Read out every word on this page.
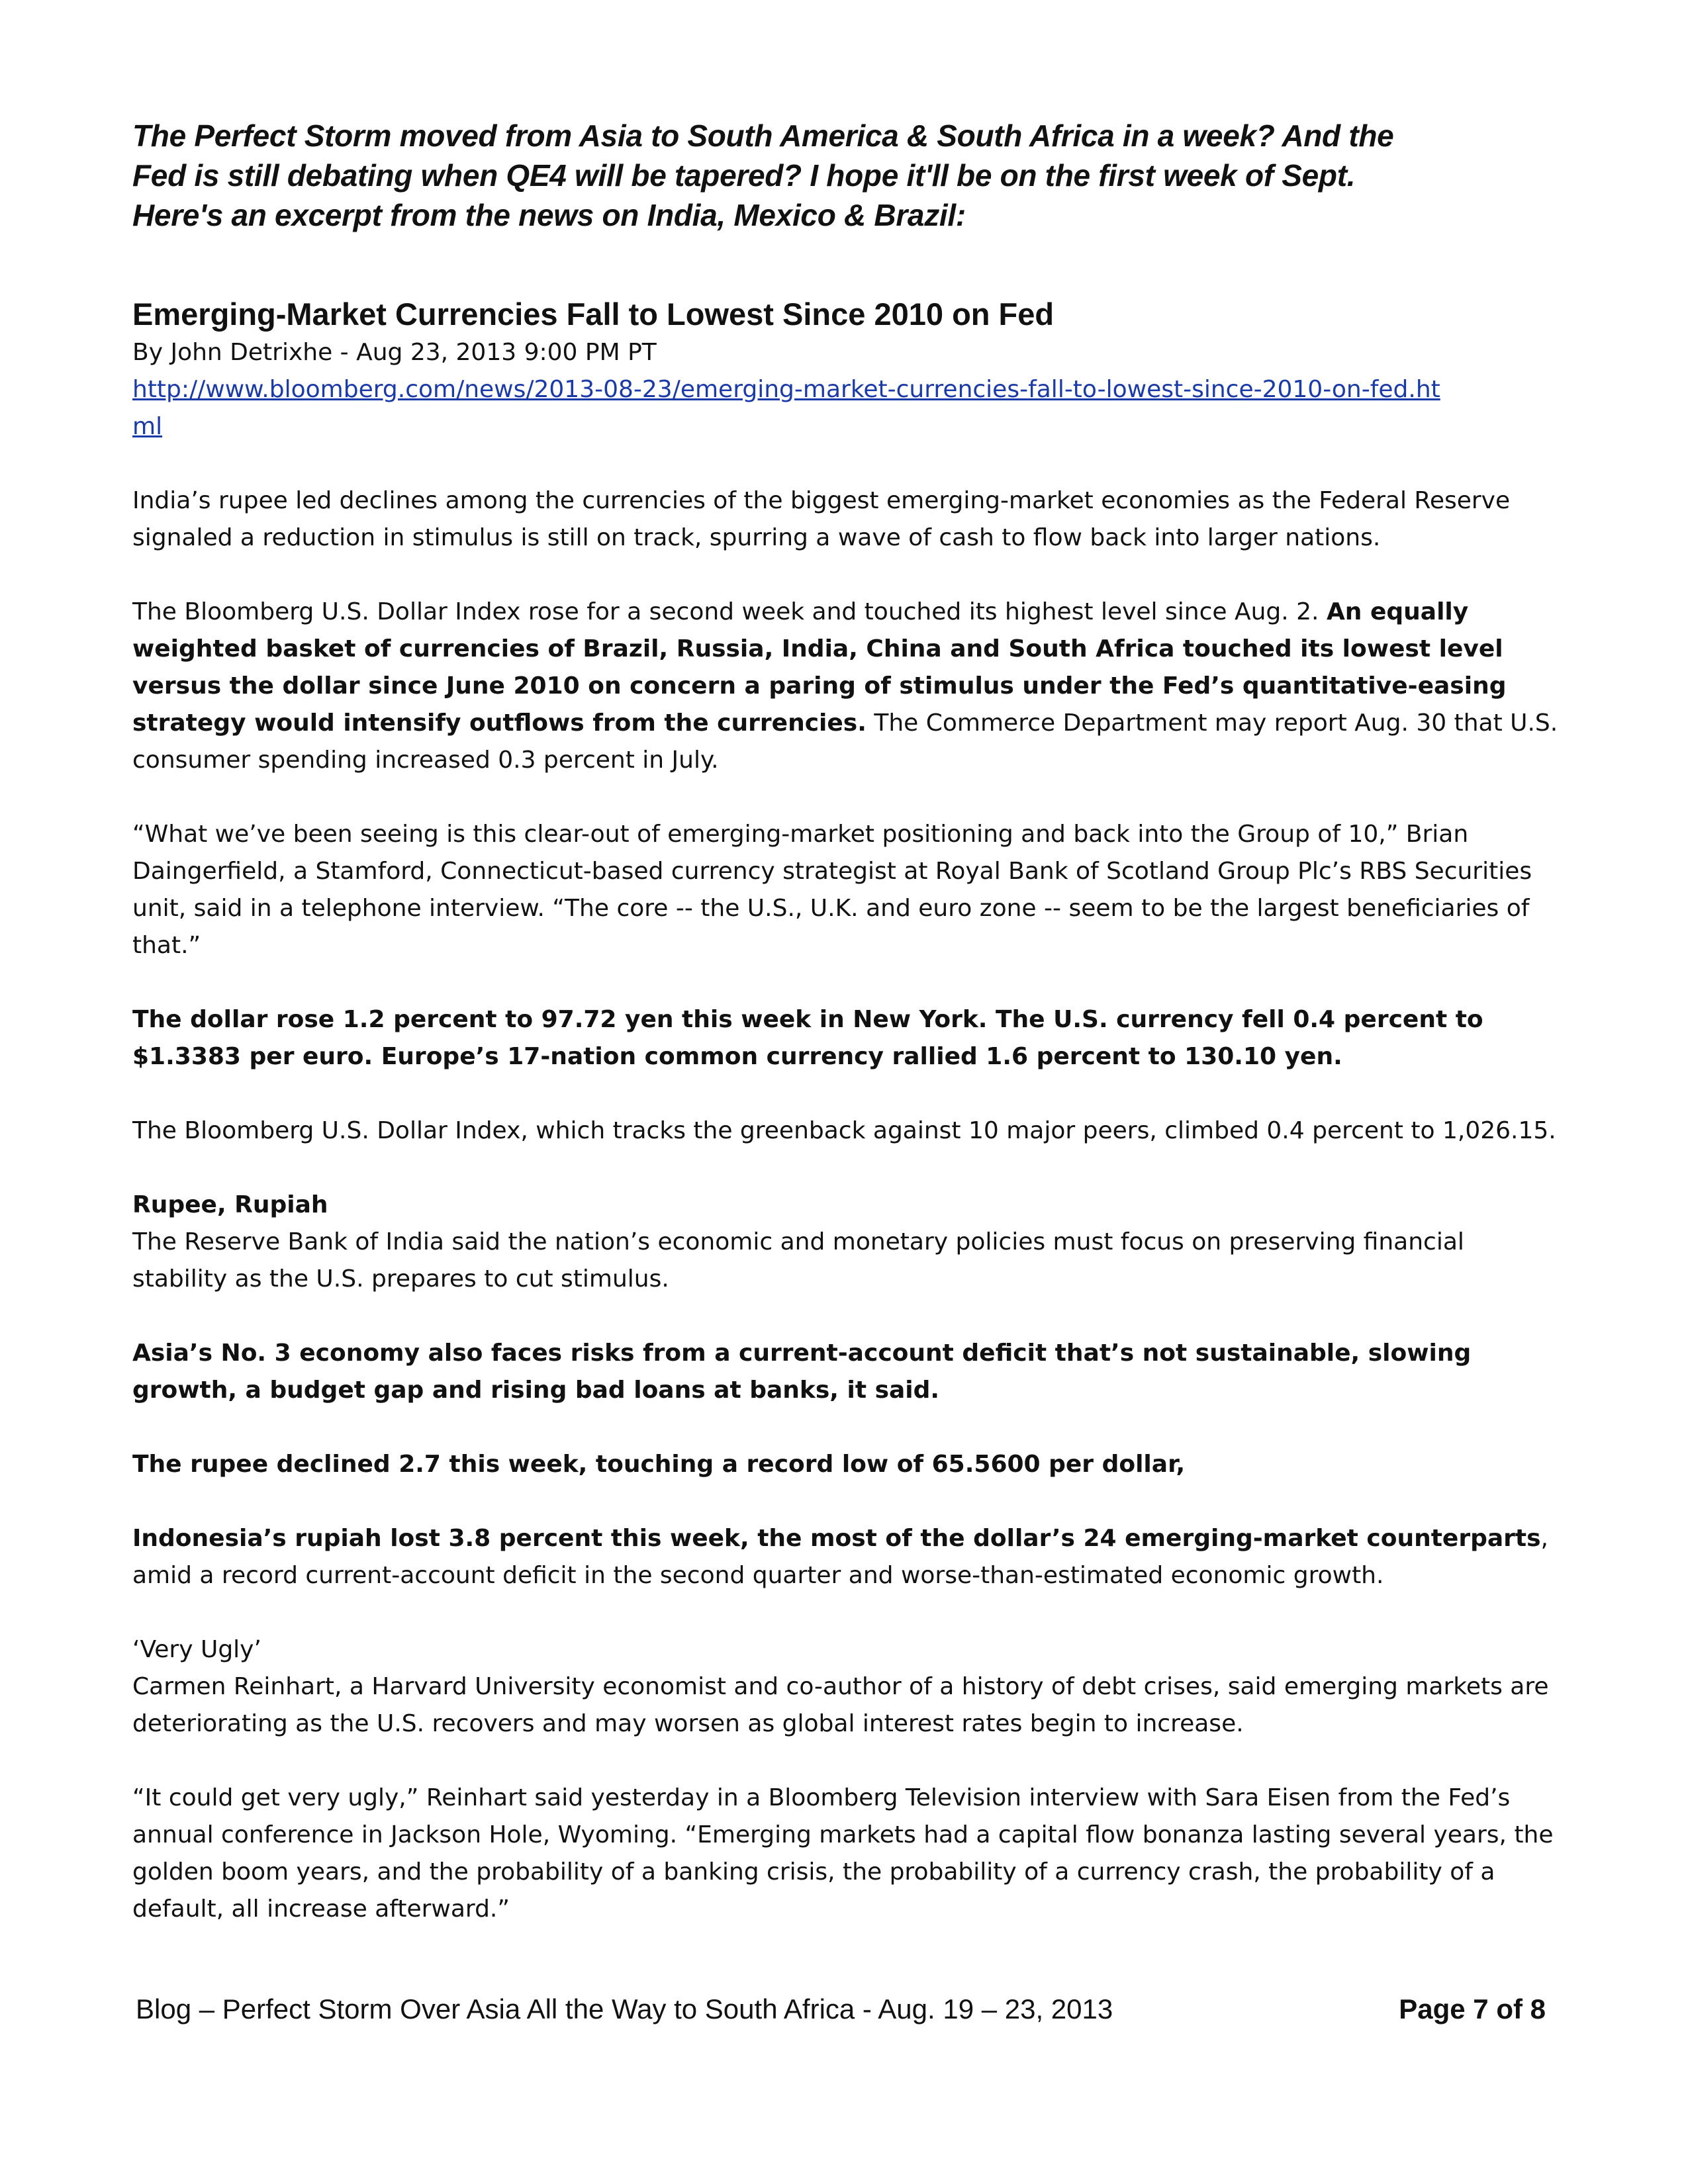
The Perfect Storm moved from Asia to South America & South Africa in a week? And the
Fed is still debating when QE4 will be tapered? I hope it'll be on the first week of Sept.
Here's an excerpt from the news on India, Mexico & Brazil:
Emerging-Market Currencies Fall to Lowest Since 2010 on Fed

By John Detrixhe - Aug 23, 2013 9:00 PM PT

http://www.bloomberg.com/news/2013-08-23/emerging-market-currencies-fall-to-lowest-since-2010-on-fed.html

India’s rupee led declines among the currencies of the biggest emerging-market economies as the Federal Reserve signaled a reduction in stimulus is still on track, spurring a wave of cash to flow back into larger nations.

The Bloomberg U.S. Dollar Index rose for a second week and touched its highest level since Aug. 2. An equally weighted basket of currencies of Brazil, Russia, India, China and South Africa touched its lowest level versus the dollar since June 2010 on concern a paring of stimulus under the Fed’s quantitative-easing strategy would intensify outflows from the currencies. The Commerce Department may report Aug. 30 that U.S. consumer spending increased 0.3 percent in July.

“What we’ve been seeing is this clear-out of emerging-market positioning and back into the Group of 10,” Brian Daingerfield, a Stamford, Connecticut-based currency strategist at Royal Bank of Scotland Group Plc’s RBS Securities unit, said in a telephone interview. “The core -- the U.S., U.K. and euro zone -- seem to be the largest beneficiaries of that.”

The dollar rose 1.2 percent to 97.72 yen this week in New York. The U.S. currency fell 0.4 percent to $1.3383 per euro. Europe’s 17-nation common currency rallied 1.6 percent to 130.10 yen.

The Bloomberg U.S. Dollar Index, which tracks the greenback against 10 major peers, climbed 0.4 percent to 1,026.15.

Rupee, Rupiah
The Reserve Bank of India said the nation’s economic and monetary policies must focus on preserving financial stability as the U.S. prepares to cut stimulus.

Asia’s No. 3 economy also faces risks from a current-account deficit that’s not sustainable, slowing growth, a budget gap and rising bad loans at banks, it said.

The rupee declined 2.7 this week, touching a record low of 65.5600 per dollar,

Indonesia’s rupiah lost 3.8 percent this week, the most of the dollar’s 24 emerging-market counterparts, amid a record current-account deficit in the second quarter and worse-than-estimated economic growth.

‘Very Ugly’
Carmen Reinhart, a Harvard University economist and co-author of a history of debt crises, said emerging markets are deteriorating as the U.S. recovers and may worsen as global interest rates begin to increase.

“It could get very ugly,” Reinhart said yesterday in a Bloomberg Television interview with Sara Eisen from the Fed’s annual conference in Jackson Hole, Wyoming. “Emerging markets had a capital flow bonanza lasting several years, the golden boom years, and the probability of a banking crisis, the probability of a currency crash, the probability of a default, all increase afterward.”

Blog – Perfect Storm Over Asia All the Way to South Africa - Aug. 19 – 23, 2013	Page 7 of 8
